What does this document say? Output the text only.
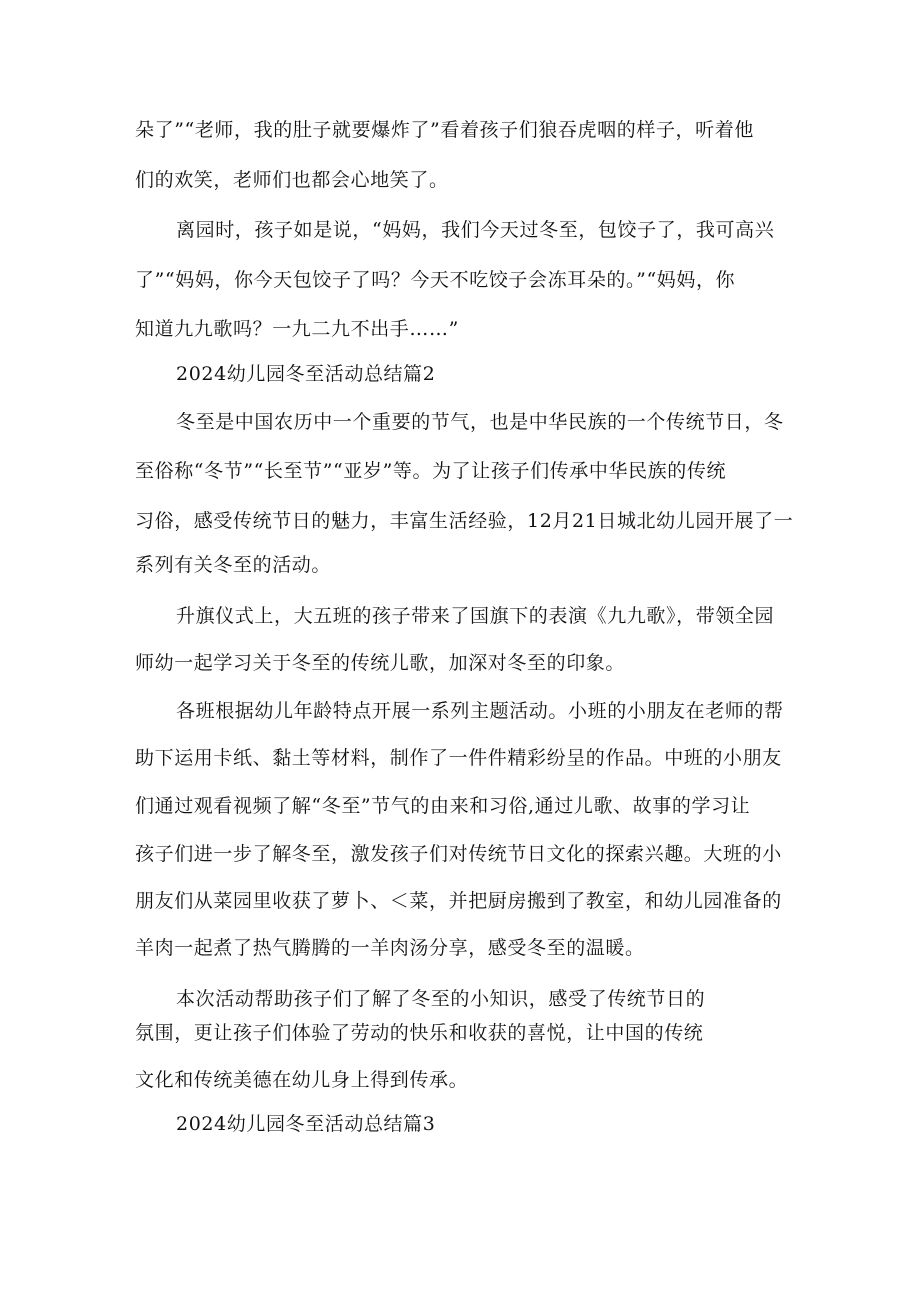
朵了”“老师，我的肚子就要爆炸了”看着孩子们狼吞虎咽的样子，听着他
们的欢笑，老师们也都会心地笑了。
离园时，孩子如是说，“妈妈，我们今天过冬至，包饺子了，我可高兴
了”“妈妈，你今天包饺子了吗？今天不吃饺子会冻耳朵的。”“妈妈，你
知道九九歌吗？一九二九不出手……”
2024幼儿园冬至活动总结篇2
冬至是中国农历中一个重要的节气，也是中华民族的一个传统节日，冬
至俗称“冬节”“长至节”“亚岁”等。为了让孩子们传承中华民族的传统
习俗，感受传统节日的魅力，丰富生活经验，12月21日城北幼儿园开展了一
系列有关冬至的活动。
升旗仪式上，大五班的孩子带来了国旗下的表演《九九歌》，带领全园
师幼一起学习关于冬至的传统儿歌，加深对冬至的印象。
各班根据幼儿年龄特点开展一系列主题活动。小班的小朋友在老师的帮
助下运用卡纸、黏土等材料，制作了一件件精彩纷呈的作品。中班的小朋友
们通过观看视频了解“冬至”节气的由来和习俗,通过儿歌、故事的学习让
孩子们进一步了解冬至，激发孩子们对传统节日文化的探索兴趣。大班的小
朋友们从菜园里收获了萝卜、＜菜，并把厨房搬到了教室，和幼儿园准备的
羊肉一起煮了热气腾腾的一羊肉汤分享，感受冬至的温暖。
本次活动帮助孩子们了解了冬至的小知识，感受了传统节日的
氛围，更让孩子们体验了劳动的快乐和收获的喜悦，让中国的传统
文化和传统美德在幼儿身上得到传承。
2024幼儿园冬至活动总结篇3
